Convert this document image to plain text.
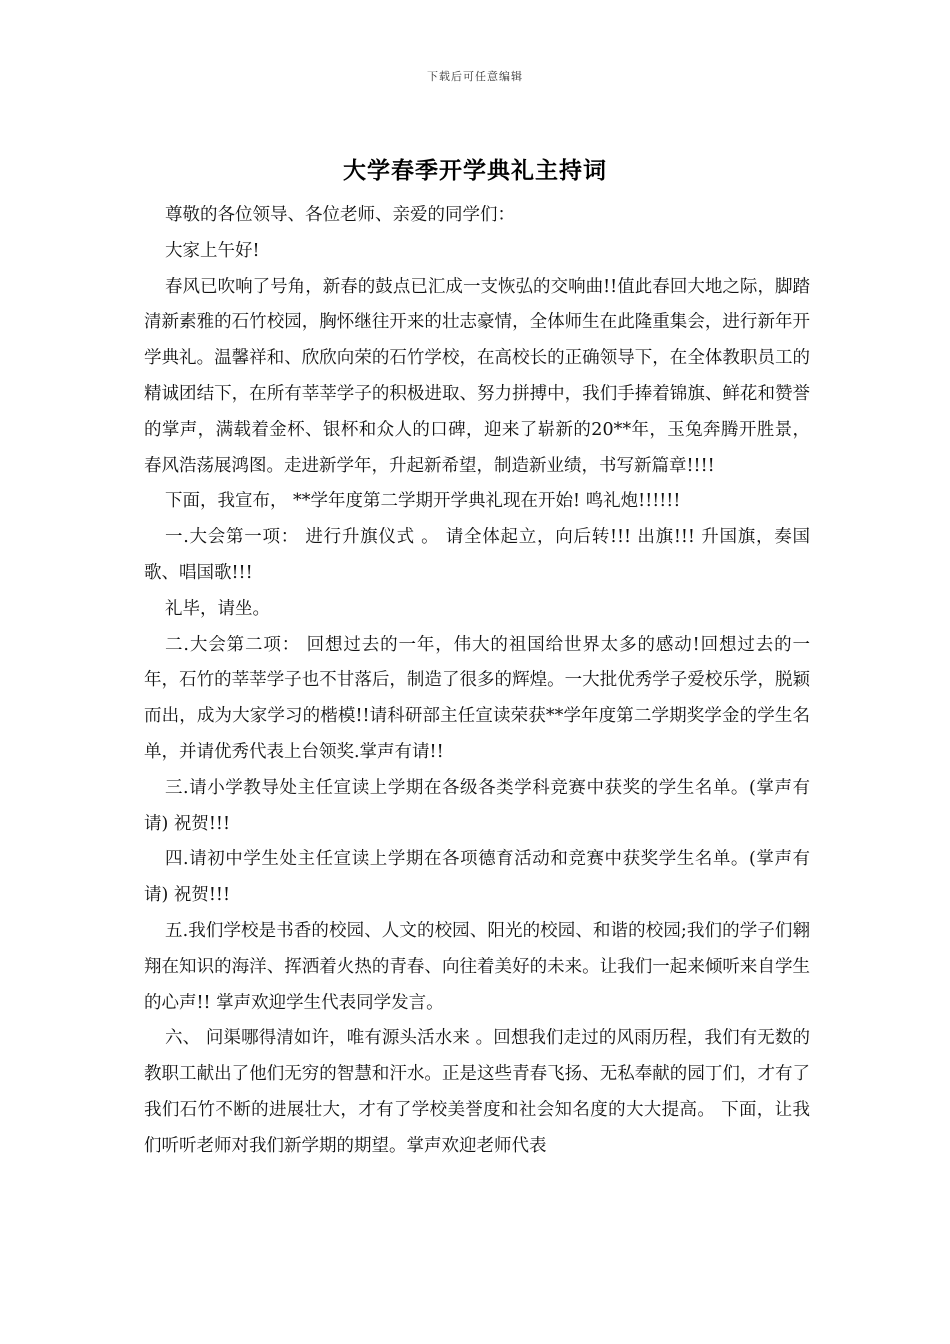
下载后可任意编辑
大学春季开学典礼主持词

尊敬的各位领导、各位老师、亲爱的同学们：

大家上午好!

春风已吹响了号角，新春的鼓点已汇成一支恢弘的交响曲!!值此春回大地之际，脚踏清新素雅的石竹校园，胸怀继往开来的壮志豪情，全体师生在此隆重集会，进行新年开学典礼。温馨祥和、欣欣向荣的石竹学校，在高校长的正确领导下，在全体教职员工的精诚团结下，在所有莘莘学子的积极进取、努力拼搏中，我们手捧着锦旗、鲜花和赞誉的掌声，满载着金杯、银杯和众人的口碑，迎来了崭新的20**年，玉兔奔腾开胜景，春风浩荡展鸿图。走进新学年，升起新希望，制造新业绩，书写新篇章!!!!

下面，我宣布， **学年度第二学期开学典礼现在开始! 鸣礼炮!!!!!!

一.大会第一项： 进行升旗仪式 。 请全体起立，向后转!!! 出旗!!! 升国旗，奏国歌、唱国歌!!!

礼毕，请坐。

二.大会第二项： 回想过去的一年，伟大的祖国给世界太多的感动!回想过去的一年，石竹的莘莘学子也不甘落后，制造了很多的辉煌。一大批优秀学子爱校乐学，脱颖而出，成为大家学习的楷模!!请科研部主任宣读荣获**学年度第二学期奖学金的学生名单，并请优秀代表上台领奖.掌声有请!!

三.请小学教导处主任宣读上学期在各级各类学科竞赛中获奖的学生名单。(掌声有请) 祝贺!!!

四.请初中学生处主任宣读上学期在各项德育活动和竞赛中获奖学生名单。(掌声有请) 祝贺!!!

五.我们学校是书香的校园、人文的校园、阳光的校园、和谐的校园;我们的学子们翱翔在知识的海洋、挥洒着火热的青春、向往着美好的未来。让我们一起来倾听来自学生的心声!! 掌声欢迎学生代表同学发言。

六、 问渠哪得清如许，唯有源头活水来 。回想我们走过的风雨历程，我们有无数的教职工献出了他们无穷的智慧和汗水。正是这些青春飞扬、无私奉献的园丁们，才有了我们石竹不断的进展壮大，才有了学校美誉度和社会知名度的大大提高。 下面，让我们听听老师对我们新学期的期望。掌声欢迎老师代表
